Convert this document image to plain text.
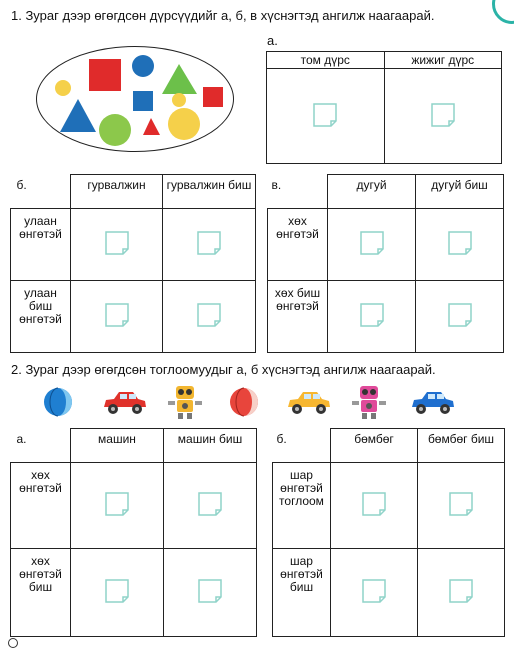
1. Зураг дээр өгөгдсөн дүрсүүдийг а, б, в хүснэгтэд ангилж наагаарай.
а.
том дүрс	жижиг дүрс

б.	гурвалжин	гурвалжин биш
улаан өнгөтэй		
улаан биш өнгөтэй		
в.	дугуй	дугуй биш
хөх өнгөтэй		
хөх биш өнгөтэй		
2. Зураг дээр өгөгдсөн тоглоомуудыг а, б хүснэгтэд ангилж наагаарай.
а.	машин	машин биш
хөх өнгөтэй		
хөх өнгөтэй биш		
б.	бөмбөг	бөмбөг биш
шар өнгөтэй тоглоом		
шар өнгөтэй биш		
